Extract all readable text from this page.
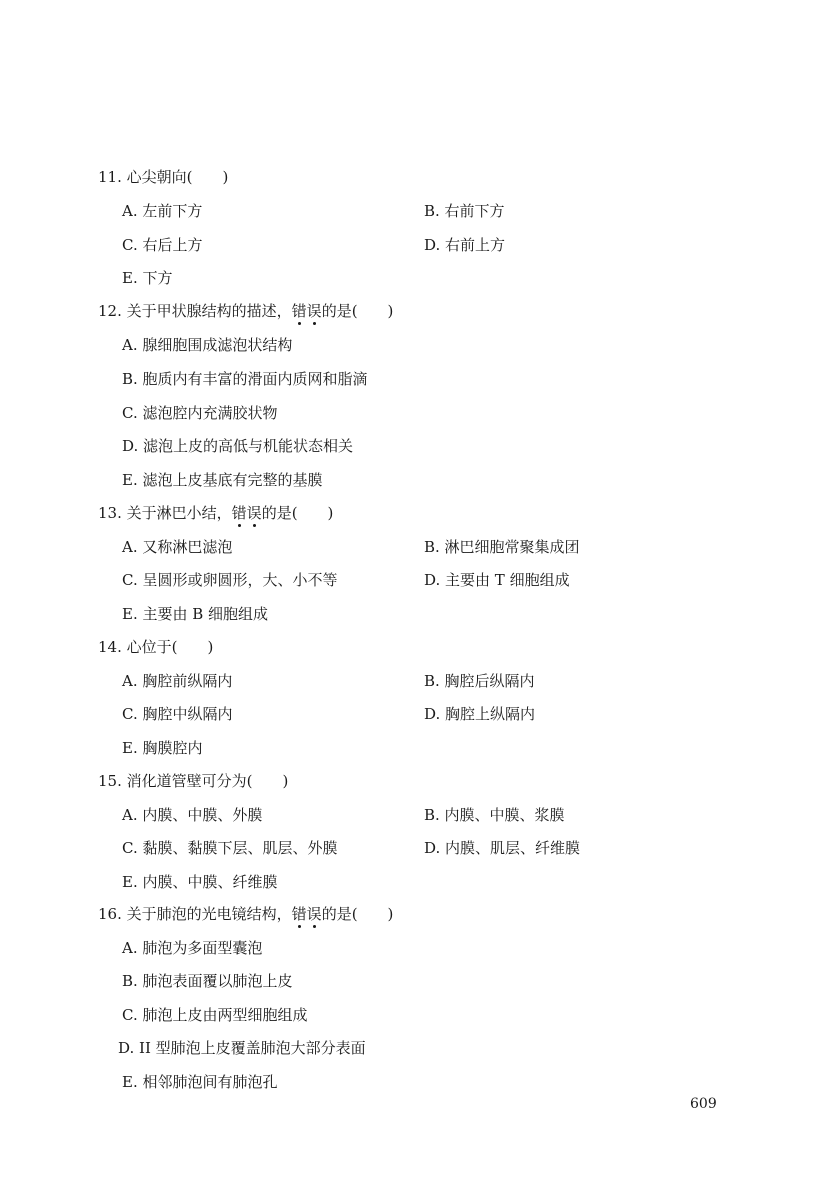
11. 心尖朝向(　　)
A. 左前下方	B. 右前下方
C. 右后上方	D. 右前上方
E. 下方
12. 关于甲状腺结构的描述，错误的是(　　)
A. 腺细胞围成滤泡状结构
B. 胞质内有丰富的滑面内质网和脂滴
C. 滤泡腔内充满胶状物
D. 滤泡上皮的高低与机能状态相关
E. 滤泡上皮基底有完整的基膜
13. 关于淋巴小结，错误的是(　　)
A. 又称淋巴滤泡	B. 淋巴细胞常聚集成团
C. 呈圆形或卵圆形，大、小不等	D. 主要由 T 细胞组成
E. 主要由 B 细胞组成
14. 心位于(　　)
A. 胸腔前纵隔内	B. 胸腔后纵隔内
C. 胸腔中纵隔内	D. 胸腔上纵隔内
E. 胸膜腔内
15. 消化道管壁可分为(　　)
A. 内膜、中膜、外膜	B. 内膜、中膜、浆膜
C. 黏膜、黏膜下层、肌层、外膜	D. 内膜、肌层、纤维膜
E. 内膜、中膜、纤维膜
16. 关于肺泡的光电镜结构，错误的是(　　)
A. 肺泡为多面型囊泡
B. 肺泡表面覆以肺泡上皮
C. 肺泡上皮由两型细胞组成
D. II 型肺泡上皮覆盖肺泡大部分表面
E. 相邻肺泡间有肺泡孔
609
